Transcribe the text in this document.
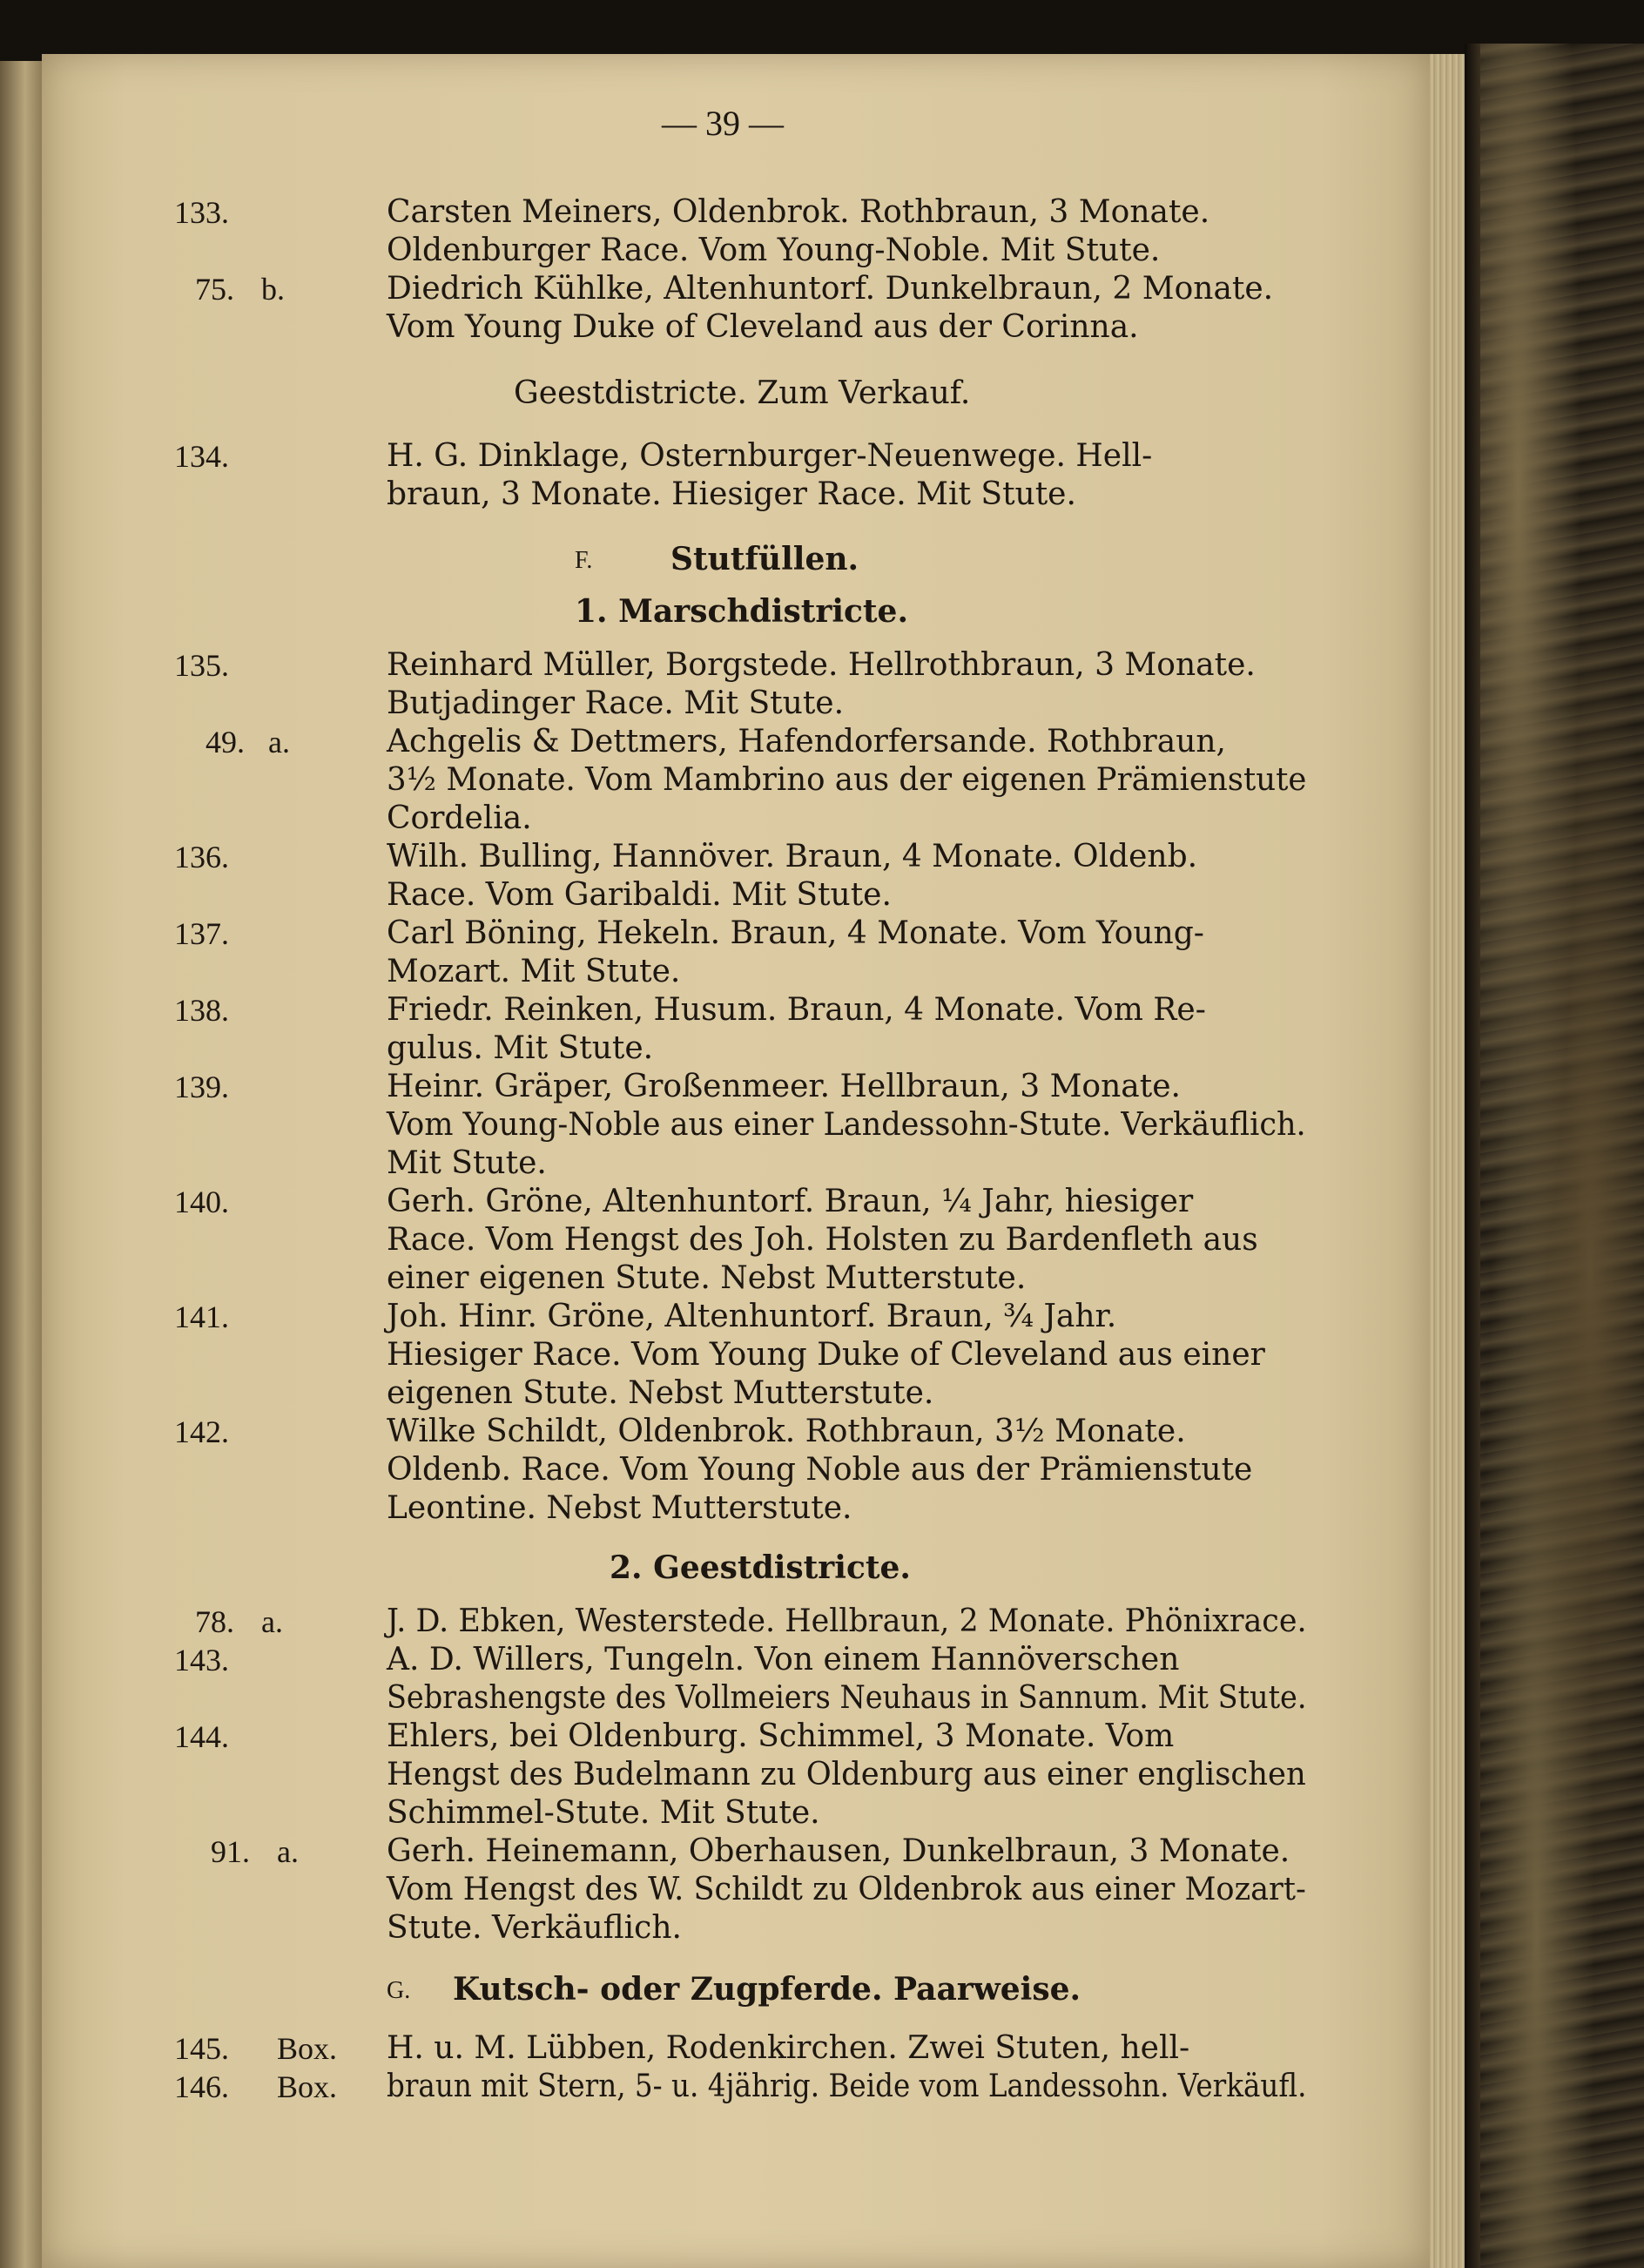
— 39 —
133.	Carsten Meiners, Oldenbrok. Rothbraun, 3 Monate.
Oldenburger Race. Vom Young-Noble. Mit Stute.
75. b.	Diedrich Kühlke, Altenhuntorf. Dunkelbraun, 2 Monate.
Vom Young Duke of Cleveland aus der Corinna.
Geestdistricte. Zum Verkauf.
134.	H. G. Dinklage, Osternburger-Neuenwege. Hell-
braun, 3 Monate. Hiesiger Race. Mit Stute.
F. Stutfüllen.
1. Marschdistricte.
135.	Reinhard Müller, Borgstede. Hellrothbraun, 3 Monate.
Butjadinger Race. Mit Stute.
49. a.	Achgelis & Dettmers, Hafendorfersande. Rothbraun,
3½ Monate. Vom Mambrino aus der eigenen Prämienstute
Cordelia.
136.	Wilh. Bulling, Hannöver. Braun, 4 Monate. Oldenb.
Race. Vom Garibaldi. Mit Stute.
137.	Carl Böning, Hekeln. Braun, 4 Monate. Vom Young-
Mozart. Mit Stute.
138.	Friedr. Reinken, Husum. Braun, 4 Monate. Vom Re-
gulus. Mit Stute.
139.	Heinr. Gräper, Großenmeer. Hellbraun, 3 Monate.
Vom Young-Noble aus einer Landessohn-Stute. Verkäuflich.
Mit Stute.
140.	Gerh. Gröne, Altenhuntorf. Braun, ¼ Jahr, hiesiger
Race. Vom Hengst des Joh. Holsten zu Bardenfleth aus
einer eigenen Stute. Nebst Mutterstute.
141.	Joh. Hinr. Gröne, Altenhuntorf. Braun, ¾ Jahr.
Hiesiger Race. Vom Young Duke of Cleveland aus einer
eigenen Stute. Nebst Mutterstute.
142.	Wilke Schildt, Oldenbrok. Rothbraun, 3½ Monate.
Oldenb. Race. Vom Young Noble aus der Prämienstute
Leontine. Nebst Mutterstute.
2. Geestdistricte.
78. a.	J. D. Ebken, Westerstede. Hellbraun, 2 Monate. Phönixrace.
143.	A. D. Willers, Tungeln. Von einem Hannöverschen
Sebrashengste des Vollmeiers Neuhaus in Sannum. Mit Stute.
144.	Ehlers, bei Oldenburg. Schimmel, 3 Monate. Vom
Hengst des Budelmann zu Oldenburg aus einer englischen
Schimmel-Stute. Mit Stute.
91. a.	Gerh. Heinemann, Oberhausen, Dunkelbraun, 3 Monate.
Vom Hengst des W. Schildt zu Oldenbrok aus einer Mozart-
Stute. Verkäuflich.
G. Kutsch- oder Zugpferde. Paarweise.
145. Box. H. u. M. Lübben, Rodenkirchen. Zwei Stuten, hell-
146. Box. braun mit Stern, 5- u. 4jährig. Beide vom Landessohn. Verkäufl.
